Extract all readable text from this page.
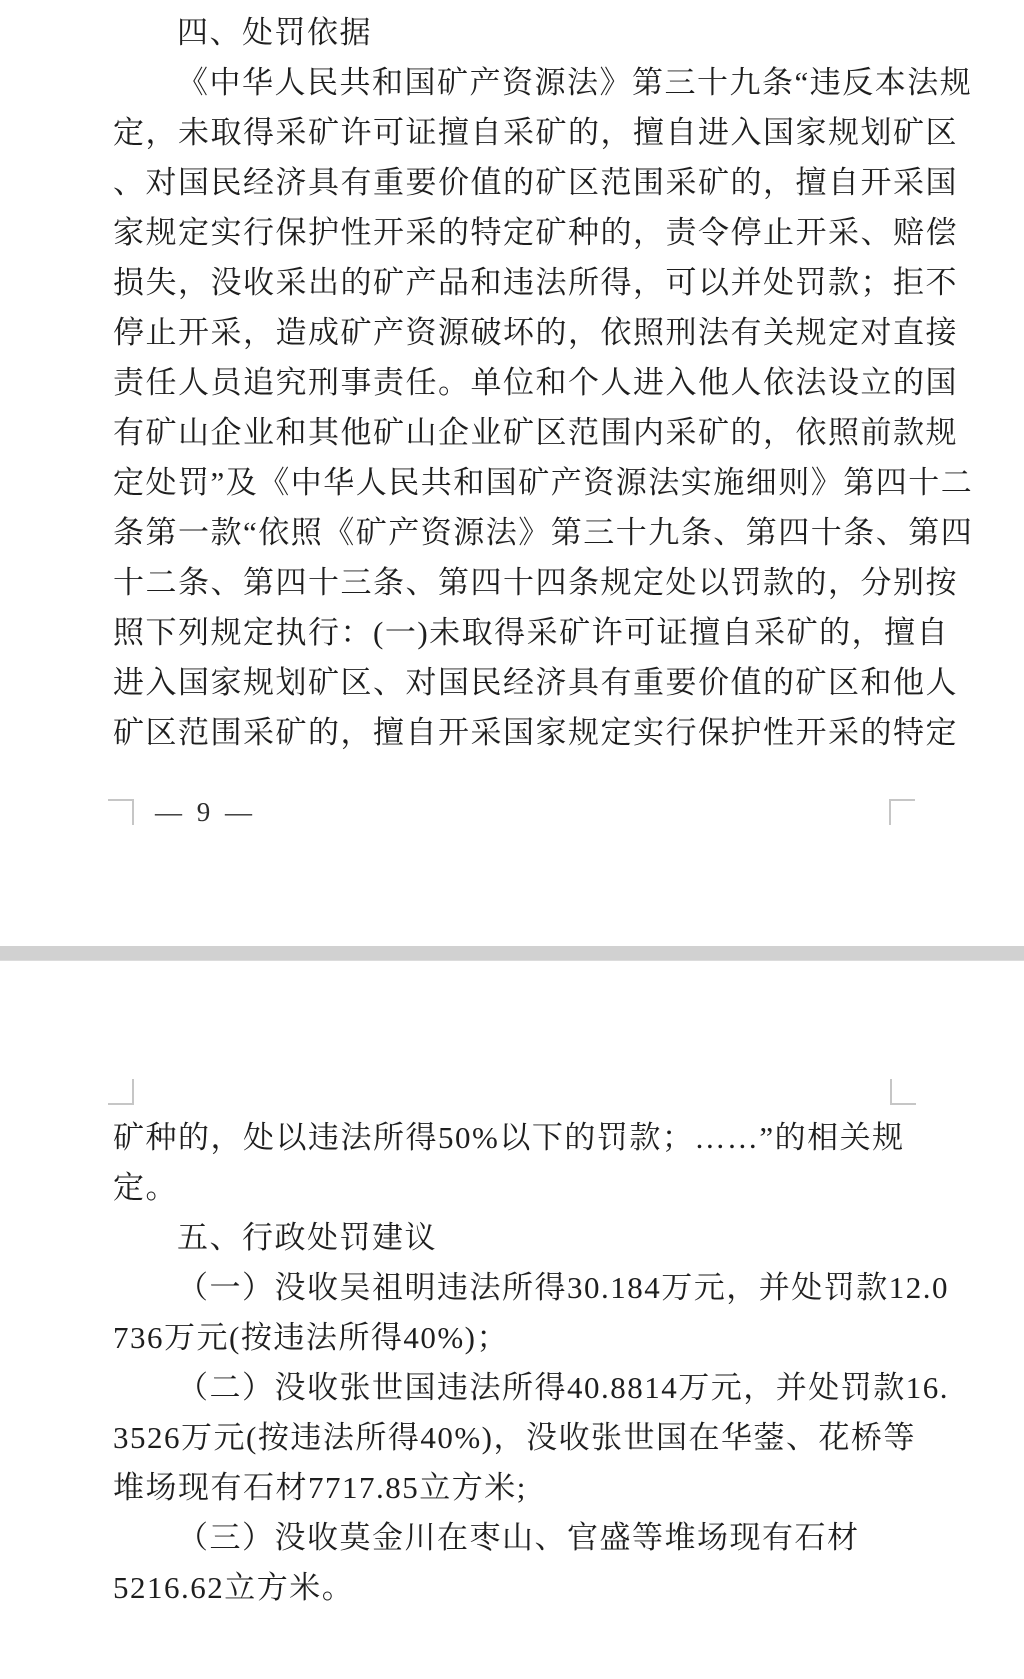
四、处罚依据
《中华人民共和国矿产资源法》第三十九条“违反本法规
定，未取得采矿许可证擅自采矿的，擅自进入国家规划矿区
、对国民经济具有重要价值的矿区范围采矿的，擅自开采国
家规定实行保护性开采的特定矿种的，责令停止开采、赔偿
损失，没收采出的矿产品和违法所得，可以并处罚款；拒不
停止开采，造成矿产资源破坏的，依照刑法有关规定对直接
责任人员追究刑事责任。单位和个人进入他人依法设立的国
有矿山企业和其他矿山企业矿区范围内采矿的，依照前款规
定处罚”及《中华人民共和国矿产资源法实施细则》第四十二
条第一款“依照《矿产资源法》第三十九条、第四十条、第四
十二条、第四十三条、第四十四条规定处以罚款的，分别按
照下列规定执行：(一)未取得采矿许可证擅自采矿的，擅自
进入国家规划矿区、对国民经济具有重要价值的矿区和他人
矿区范围采矿的，擅自开采国家规定实行保护性开采的特定
— 9 —
矿种的，处以违法所得50%以下的罚款；……”的相关规
定。
五、行政处罚建议
（一）没收吴祖明违法所得30.184万元，并处罚款12.0
736万元(按违法所得40%)；
（二）没收张世国违法所得40.8814万元，并处罚款16.
3526万元(按违法所得40%)，没收张世国在华蓥、花桥等
堆场现有石材7717.85立方米;
（三）没收莫金川在枣山、官盛等堆场现有石材
5216.62立方米。
